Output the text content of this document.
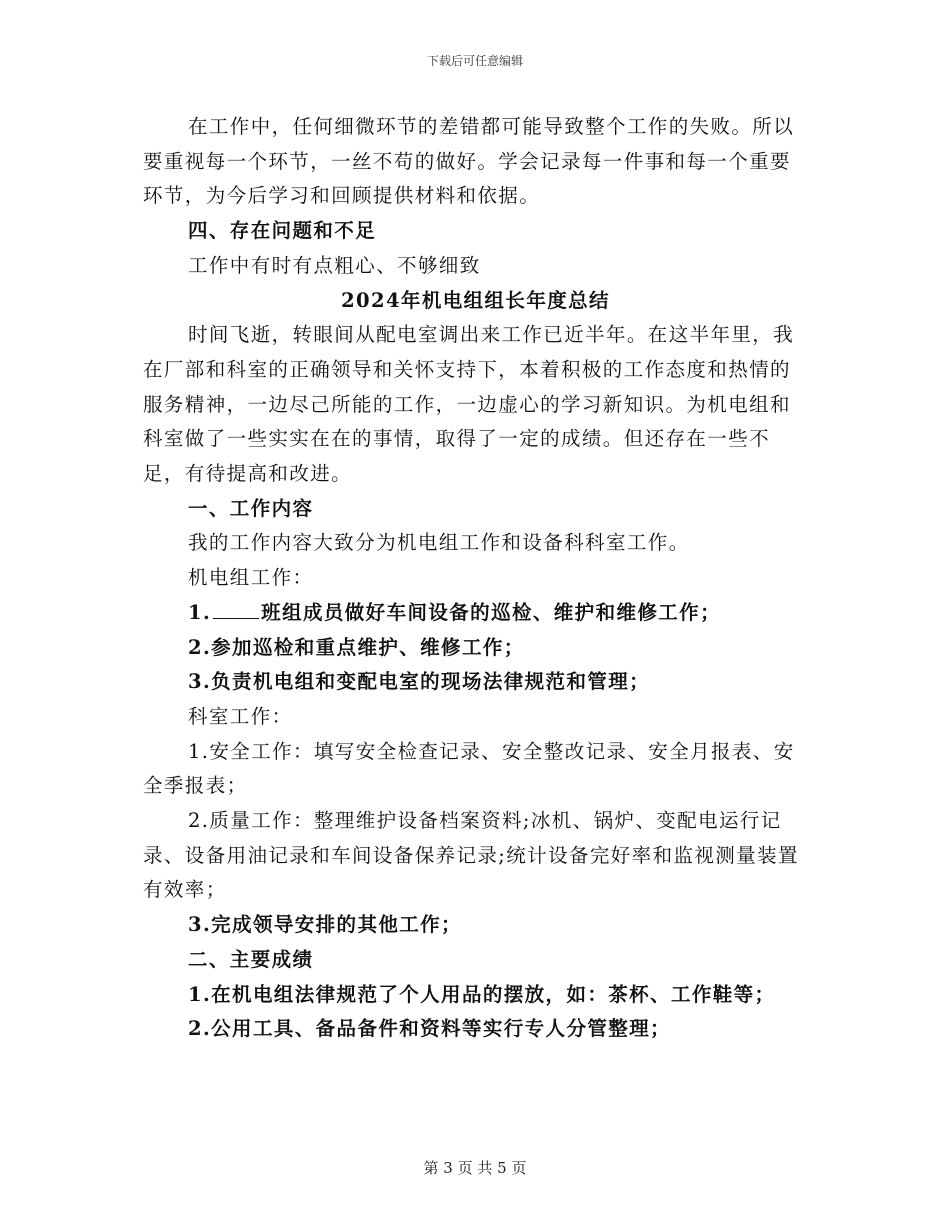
下载后可任意编辑

在工作中，任何细微环节的差错都可能导致整个工作的失败。所以要重视每一个环节，一丝不苟的做好。学会记录每一件事和每一个重要环节，为今后学习和回顾提供材料和依据。

四、存在问题和不足

工作中有时有点粗心、不够细致

2024年机电组组长年度总结

时间飞逝，转眼间从配电室调出来工作已近半年。在这半年里，我在厂部和科室的正确领导和关怀支持下，本着积极的工作态度和热情的服务精神，一边尽己所能的工作，一边虚心的学习新知识。为机电组和科室做了一些实实在在的事情，取得了一定的成绩。但还存在一些不足，有待提高和改进。

一、工作内容

我的工作内容大致分为机电组工作和设备科科室工作。

机电组工作：

1.	班组成员做好车间设备的巡检、维护和维修工作；

2.参加巡检和重点维护、维修工作；

3.负责机电组和变配电室的现场法律规范和管理；

科室工作：

1.安全工作：填写安全检查记录、安全整改记录、安全月报表、安全季报表；

2.质量工作：整理维护设备档案资料;冰机、锅炉、变配电运行记录、设备用油记录和车间设备保养记录;统计设备完好率和监视测量装置有效率；

3.完成领导安排的其他工作；

二、主要成绩

1.在机电组法律规范了个人用品的摆放，如：茶杯、工作鞋等；

2.公用工具、备品备件和资料等实行专人分管整理；

第 3 页 共 5 页
